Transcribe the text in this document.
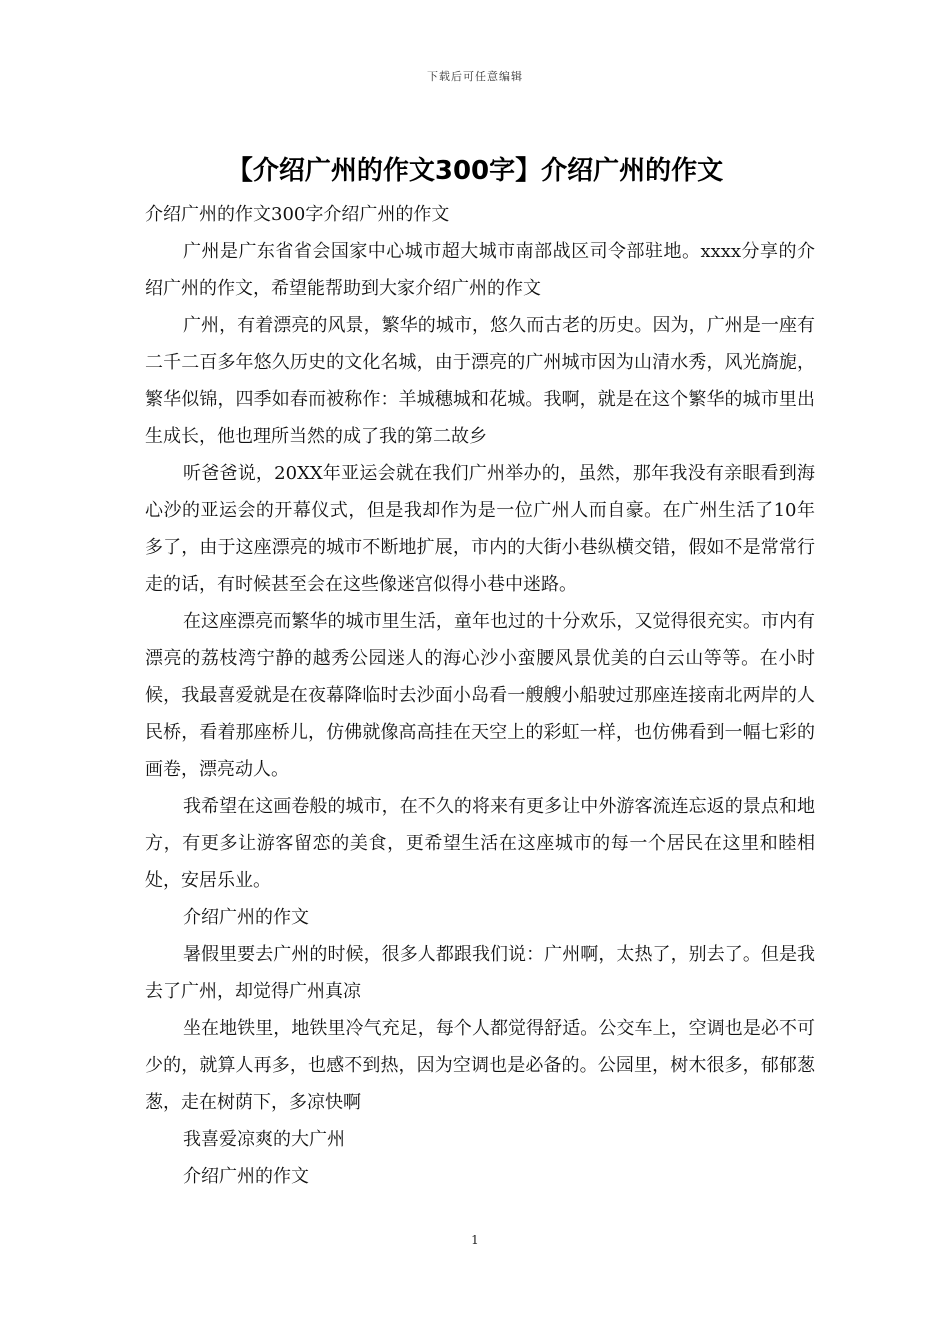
下载后可任意编辑
【介绍广州的作文300字】介绍广州的作文

介绍广州的作文300字介绍广州的作文

广州是广东省省会国家中心城市超大城市南部战区司令部驻地。xxxx分享的介绍广州的作文，希望能帮助到大家介绍广州的作文

广州，有着漂亮的风景，繁华的城市，悠久而古老的历史。因为，广州是一座有二千二百多年悠久历史的文化名城，由于漂亮的广州城市因为山清水秀，风光旖旎，繁华似锦，四季如春而被称作：羊城穗城和花城。我啊，就是在这个繁华的城市里出生成长，他也理所当然的成了我的第二故乡

听爸爸说，20XX年亚运会就在我们广州举办的，虽然，那年我没有亲眼看到海心沙的亚运会的开幕仪式，但是我却作为是一位广州人而自豪。在广州生活了10年多了，由于这座漂亮的城市不断地扩展，市内的大街小巷纵横交错，假如不是常常行走的话，有时候甚至会在这些像迷宫似得小巷中迷路。

在这座漂亮而繁华的城市里生活，童年也过的十分欢乐，又觉得很充实。市内有漂亮的荔枝湾宁静的越秀公园迷人的海心沙小蛮腰风景优美的白云山等等。在小时候，我最喜爱就是在夜幕降临时去沙面小岛看一艘艘小船驶过那座连接南北两岸的人民桥，看着那座桥儿，仿佛就像高高挂在天空上的彩虹一样，也仿佛看到一幅七彩的画卷，漂亮动人。

我希望在这画卷般的城市，在不久的将来有更多让中外游客流连忘返的景点和地方，有更多让游客留恋的美食，更希望生活在这座城市的每一个居民在这里和睦相处，安居乐业。

介绍广州的作文

暑假里要去广州的时候，很多人都跟我们说：广州啊，太热了，别去了。但是我去了广州，却觉得广州真凉

坐在地铁里，地铁里冷气充足，每个人都觉得舒适。公交车上，空调也是必不可少的，就算人再多，也感不到热，因为空调也是必备的。公园里，树木很多，郁郁葱葱，走在树荫下，多凉快啊

我喜爱凉爽的大广州

介绍广州的作文

1
